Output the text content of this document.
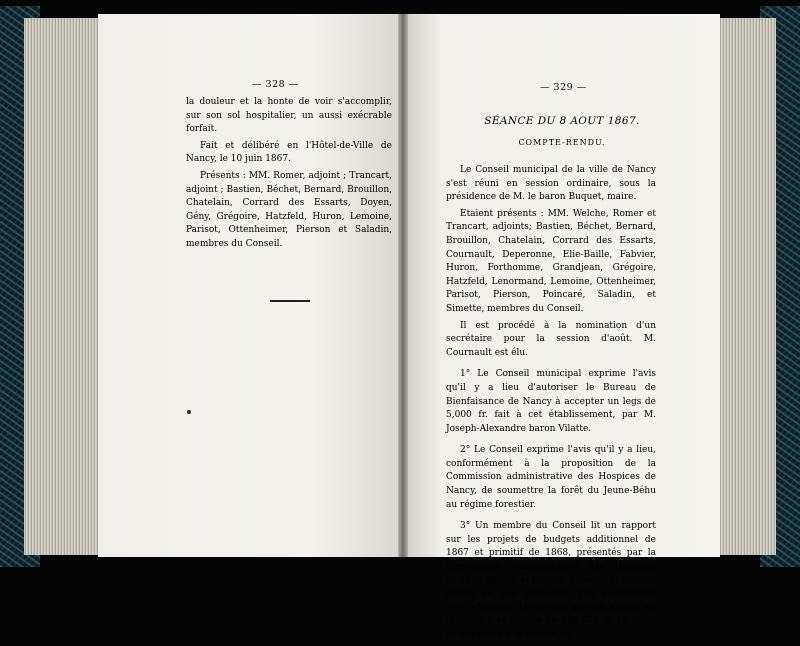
— 328 —

la douleur et la honte de voir s'accomplir, sur son sol hospitalier, un aussi exécrable forfait.

Fait et délibéré en l'Hôtel-de-Ville de Nancy, le 10 juin 1867.

Présents : MM. Romer, adjoint ; Trancart, adjoint ; Bastien, Béchet, Bernard, Brouillon, Chatelain, Corrard des Essarts, Doyen, Gény, Grégoire, Hatzfeld, Huron, Lemoine, Parisot, Ottenheimer, Pierson et Saladin, membres du Conseil.

— 329 —
SÉANCE DU 8 AOUT 1867.
COMPTE-RENDU.

Le Conseil municipal de la ville de Nancy s'est réuni en session ordinaire, sous la présidence de M. le baron Buquet, maire.

Etaient présents : MM. Welche, Romer et Trancart, adjoints; Bastien, Béchet, Bernard, Brouillon, Chatelain, Corrard des Essarts, Cournault, Deperonne, Elie-Baille, Fabvier, Huron, Forthomme, Grandjean, Grégoire, Hatzfeld, Lenormand, Lemoine, Ottenheimer, Parisot, Pierson, Poincaré, Saladin, et Simette, membres du Conseil.

Il est procédé à la nomination d'un secrétaire pour la session d'août. M. Cournault est élu.

1° Le Conseil municipal exprime l'avis qu'il y a lieu d'autoriser le Bureau de Bienfaisance de Nancy à accepter un legs de 5,000 fr. fait à cet établissement, par M. Joseph-Alexandre baron Vilatte.

2° Le Conseil exprime l'avis qu'il y a lieu, conformément à la proposition de la Commission administrative des Hospices de Nancy, de soumettre la forêt du Jeune-Béhu au régime forestier.

3° Un membre du Conseil lit un rapport sur les projets de budgets additionnel de 1867 et primitif de 1868, présentés par la Commission administrative des Hospices civils de Nancy, et conclut à ce que le Conseil donne un avis favorable. Ces conclusions sont adoptées. Le budget primitif s'élève en recettes à la somme de 549,670 fr. 20 c., et en dépenses à la somme de
